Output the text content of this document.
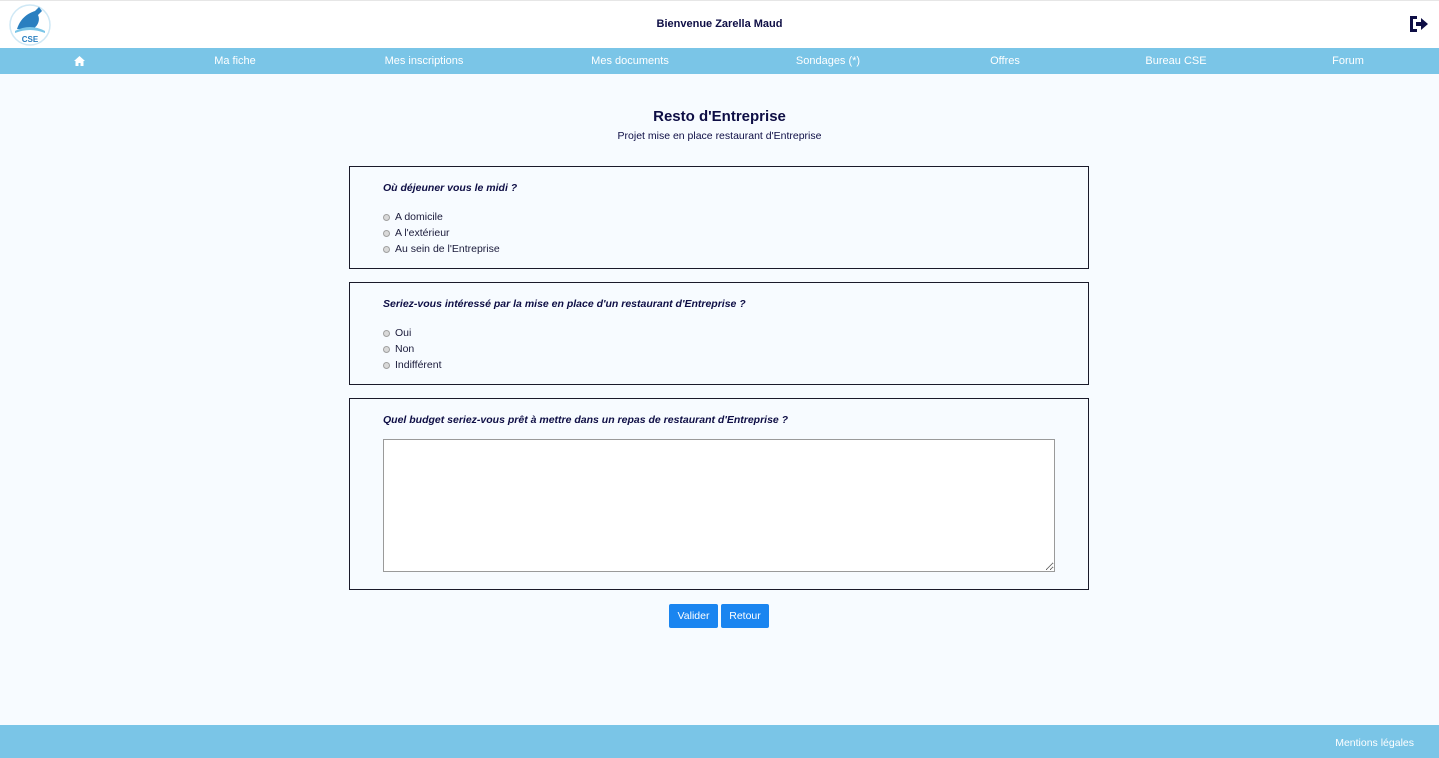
CSE
Bienvenue Zarella Maud
Ma fiche	Mes inscriptions	Mes documents	Sondages (*)	Offres	Bureau CSE	Forum
Resto d'Entreprise
Projet mise en place restaurant d'Entreprise
Où déjeuner vous le midi ?
A domicile
A l'extérieur
Au sein de l'Entreprise
Seriez-vous intéressé par la mise en place d'un restaurant d'Entreprise ?
Oui
Non
Indifférent
Quel budget seriez-vous prêt à mettre dans un repas de restaurant d'Entreprise ?
Valider	Retour
Mentions légales
